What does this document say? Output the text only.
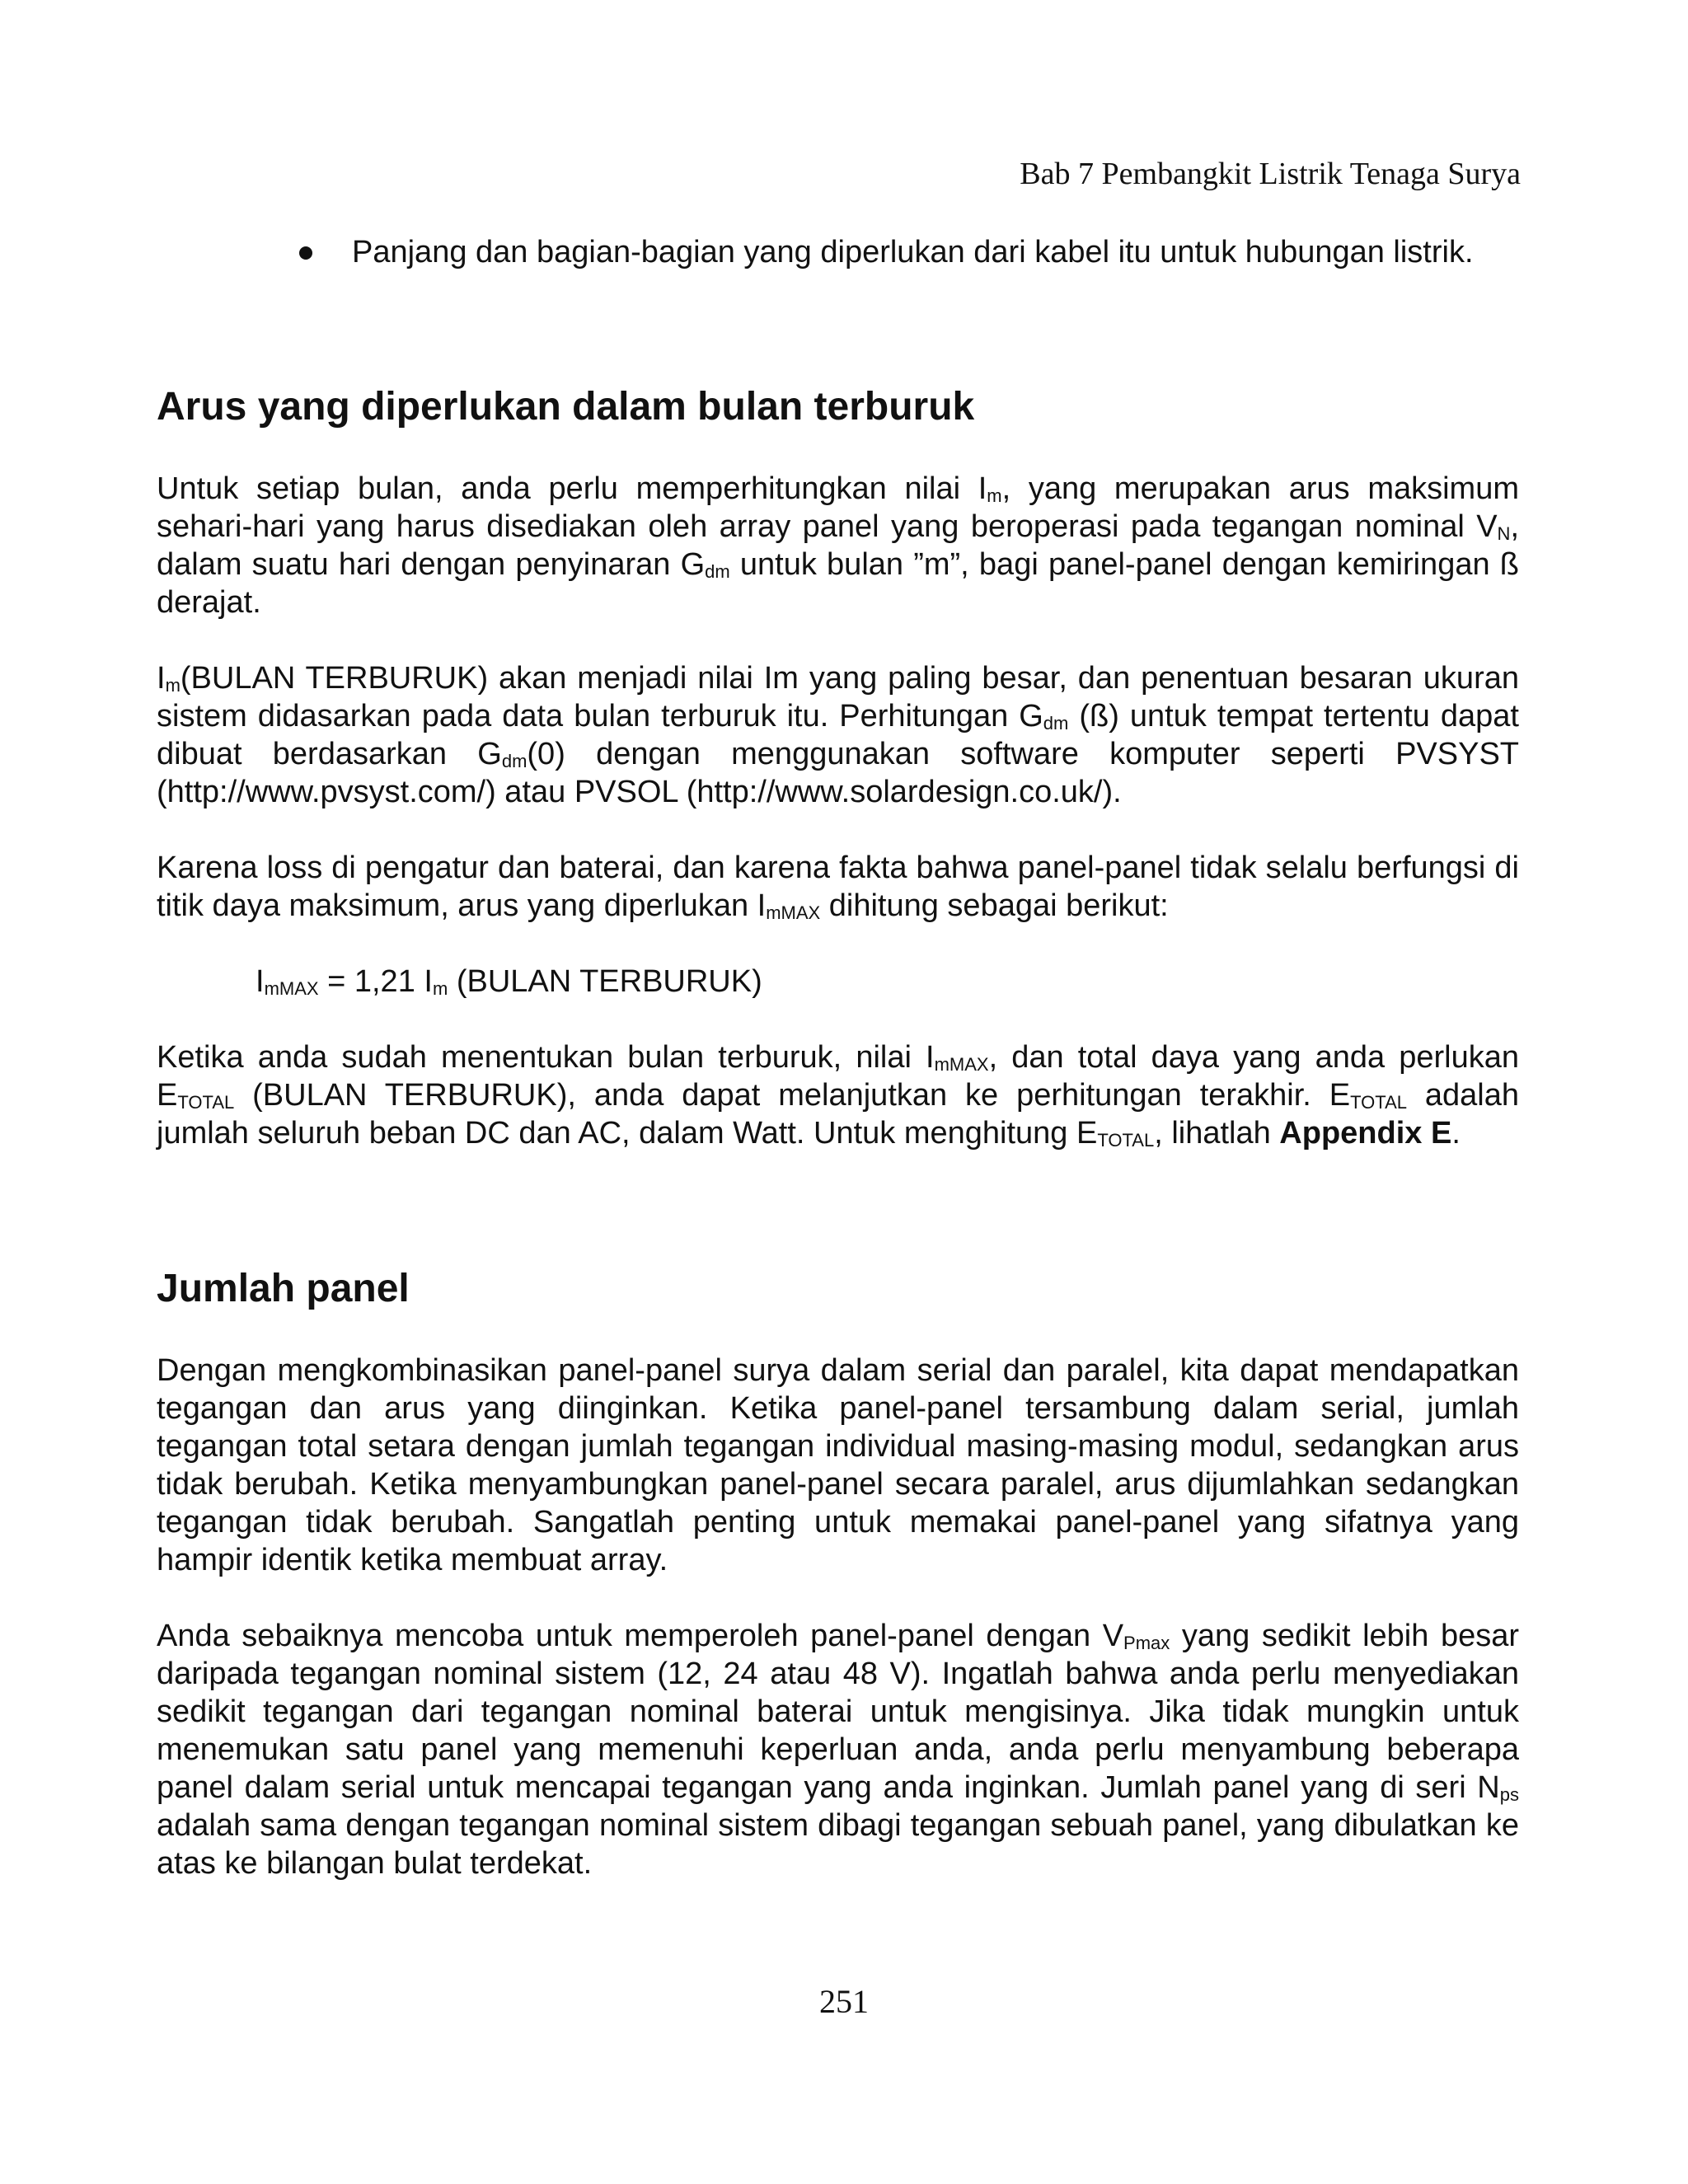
Bab 7 Pembangkit Listrik Tenaga Surya

Panjang dan bagian-bagian yang diperlukan dari kabel itu untuk hubungan listrik.

Arus yang diperlukan dalam bulan terburuk

Untuk setiap bulan, anda perlu memperhitungkan nilai $I_m$, yang merupakan arus maksimum sehari-hari yang harus disediakan oleh array panel yang beroperasi pada tegangan nominal $V_N$, dalam suatu hari dengan penyinaran $G_{dm}$ untuk bulan ”m”, bagi panel-panel dengan kemiringan ß derajat.

$I_m(BULAN$ TERBURUK) akan menjadi nilai Im yang paling besar, dan penentuan besaran ukuran sistem didasarkan pada data bulan terburuk itu. Perhitungan $G_{dm}$ (ß) untuk tempat tertentu dapat dibuat berdasarkan $G_{dm}(0)$ dengan menggunakan software komputer seperti PVSYST (http://www.pvsyst.com/) atau PVSOL (http://www.solardesign.co.uk/).

Karena loss di pengatur dan baterai, dan karena fakta bahwa panel-panel tidak selalu berfungsi di titik daya maksimum, arus yang diperlukan $I_{mMAX}$ dihitung sebagai berikut:

$I_{mMAX} = 1,21$ $I_m$ (BULAN TERBURUK)

Ketika anda sudah menentukan bulan terburuk, nilai $I_{mMAX}$, dan total daya yang anda perlukan $E_{TOTAL}$ (BULAN TERBURUK), anda dapat melanjutkan ke perhitungan terakhir. $E_{TOTAL}$ adalah jumlah seluruh beban DC dan AC, dalam Watt. Untuk menghitung $E_{TOTAL}$, lihatlah Appendix E.

Jumlah panel

Dengan mengkombinasikan panel-panel surya dalam serial dan paralel, kita dapat mendapatkan tegangan dan arus yang diinginkan. Ketika panel-panel tersambung dalam serial, jumlah tegangan total setara dengan jumlah tegangan individual masing-masing modul, sedangkan arus tidak berubah. Ketika menyambungkan panel-panel secara paralel, arus dijumlahkan sedangkan tegangan tidak berubah. Sangatlah penting untuk memakai panel-panel yang sifatnya yang hampir identik ketika membuat array.

Anda sebaiknya mencoba untuk memperoleh panel-panel dengan $V_{Pmax}$ yang sedikit lebih besar daripada tegangan nominal sistem (12, 24 atau 48 V). Ingatlah bahwa anda perlu menyediakan sedikit tegangan dari tegangan nominal baterai untuk mengisinya. Jika tidak mungkin untuk menemukan satu panel yang memenuhi keperluan anda, anda perlu menyambung beberapa panel dalam serial untuk mencapai tegangan yang anda inginkan. Jumlah panel yang di seri $N_{ps}$ adalah sama dengan tegangan nominal sistem dibagi tegangan sebuah panel, yang dibulatkan ke atas ke bilangan bulat terdekat.

251
